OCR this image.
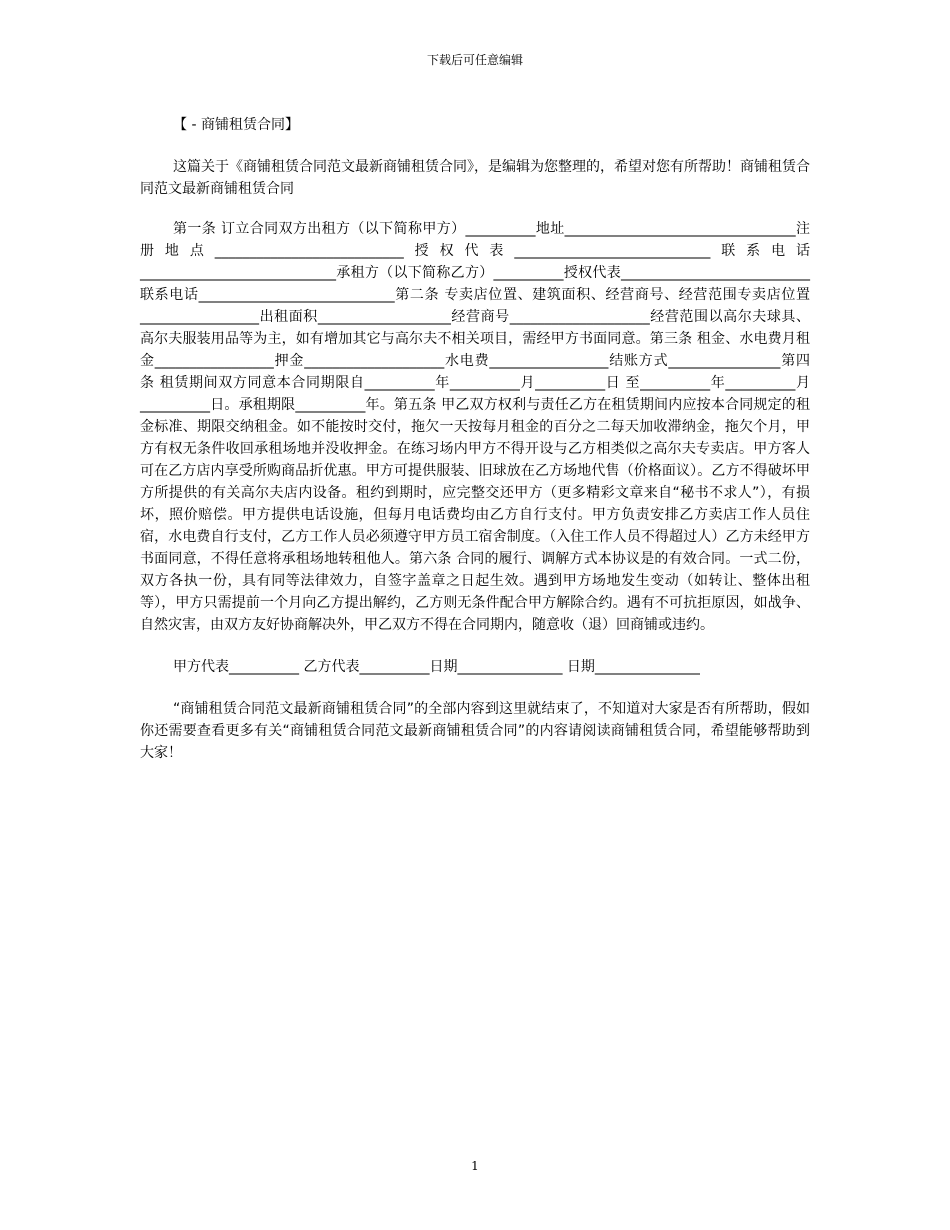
下载后可任意编辑

【 - 商铺租赁合同】

这篇关于《商铺租赁合同范文最新商铺租赁合同》，是编辑为您整理的，希望对您有所帮助！商铺租赁合同范文最新商铺租赁合同

第一条 订立合同双方出租方（以下简称甲方）__________地址_________________________________注册地点___________________________授权代表____________________________联系电话____________________________承租方（以下简称乙方）__________授权代表___________________________联系电话____________________________第二条 专卖店位置、建筑面积、经营商号、经营范围专卖店位置_________________出租面积___________________经营商号____________________经营范围以高尔夫球具、高尔夫服装用品等为主，如有增加其它与高尔夫不相关项目，需经甲方书面同意。第三条 租金、水电费月租金_________________押金____________________水电费_________________结账方式________________第四条 租赁期间双方同意本合同期限自__________年__________月__________日 至__________年__________月__________日。承租期限__________年。第五条 甲乙双方权利与责任乙方在租赁期间内应按本合同规定的租金标准、期限交纳租金。如不能按时交付，拖欠一天按每月租金的百分之二每天加收滞纳金，拖欠个月，甲方有权无条件收回承租场地并没收押金。在练习场内甲方不得开设与乙方相类似之高尔夫专卖店。甲方客人可在乙方店内享受所购商品折优惠。甲方可提供服装、旧球放在乙方场地代售（价格面议）。乙方不得破坏甲方所提供的有关高尔夫店内设备。租约到期时，应完整交还甲方（更多精彩文章来自“秘书不求人”），有损坏，照价赔偿。甲方提供电话设施，但每月电话费均由乙方自行支付。甲方负责安排乙方卖店工作人员住宿，水电费自行支付，乙方工作人员必须遵守甲方员工宿舍制度。（入住工作人员不得超过人）乙方未经甲方书面同意，不得任意将承租场地转租他人。第六条 合同的履行、调解方式本协议是的有效合同。一式二份，双方各执一份，具有同等法律效力，自签字盖章之日起生效。遇到甲方场地发生变动（如转让、整体出租等），甲方只需提前一个月向乙方提出解约，乙方则无条件配合甲方解除合约。遇有不可抗拒原因，如战争、自然灾害，由双方友好协商解决外，甲乙双方不得在合同期内，随意收（退）回商铺或违约。

甲方代表__________ 乙方代表__________日期_______________ 日期_______________

“商铺租赁合同范文最新商铺租赁合同”的全部内容到这里就结束了，不知道对大家是否有所帮助，假如你还需要查看更多有关“商铺租赁合同范文最新商铺租赁合同”的内容请阅读商铺租赁合同，希望能够帮助到大家！

1
